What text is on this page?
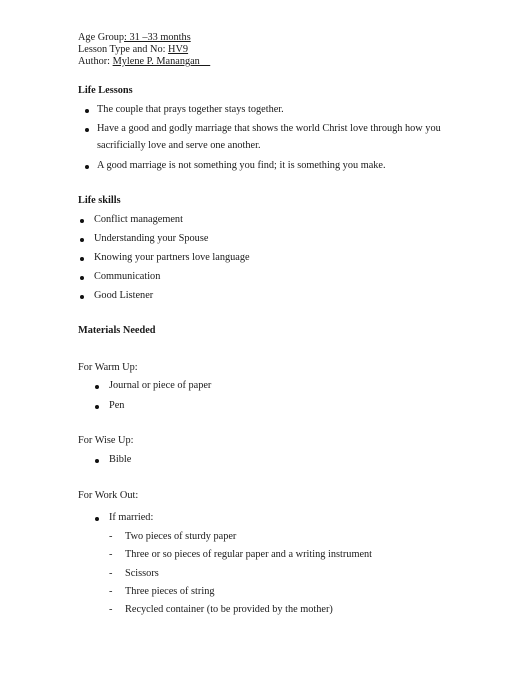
Age Group: 31 –33 months
Lesson Type and No: HV9
Author: Mylene P. Manangan__
Life Lessons
The couple that prays together stays together.
Have a good and godly marriage that shows the world Christ love through how you
sacrificially love and serve one another.
A good marriage is not something you find; it is something you make.
Life skills
Conflict management
Understanding your Spouse
Knowing your partners love language
Communication
Good Listener
Materials Needed
For Warm Up:
Journal or piece of paper
Pen
For Wise Up:
Bible
For Work Out:
If married:
- Two pieces of sturdy paper
- Three or so pieces of regular paper and a writing instrument
- Scissors
- Three pieces of string
- Recycled container (to be provided by the mother)
